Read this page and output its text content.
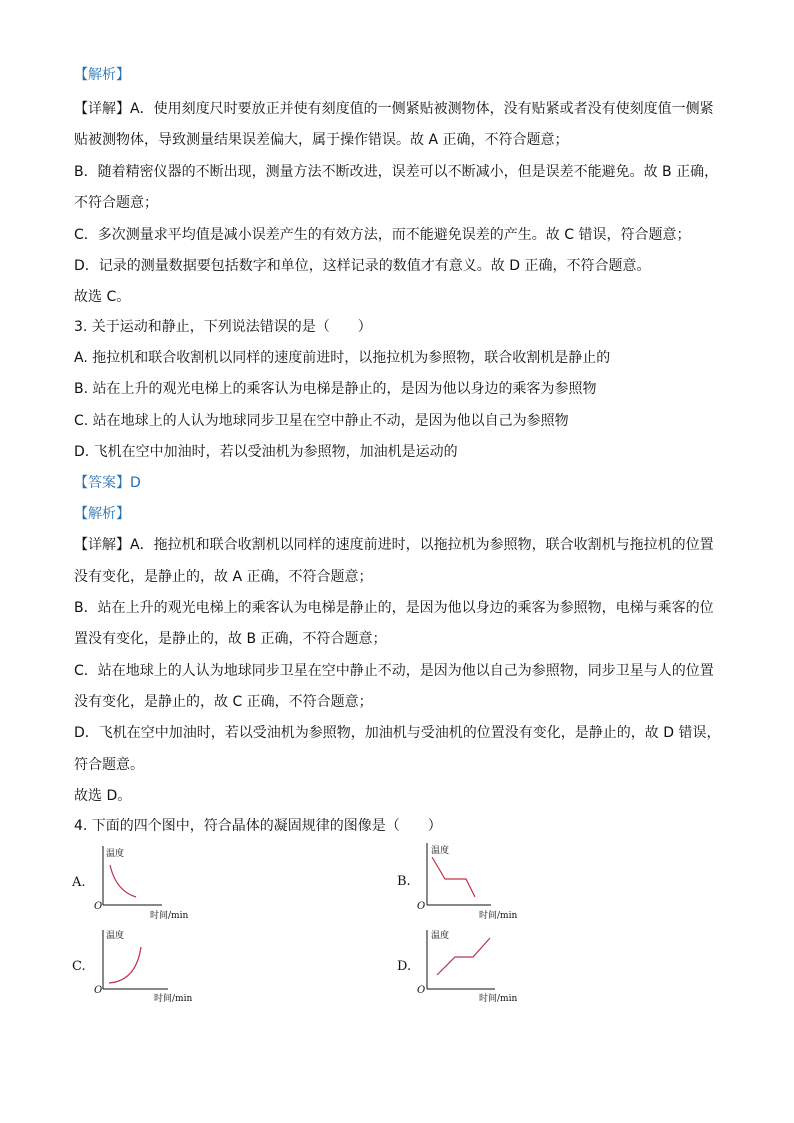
【解析】
【详解】A．使用刻度尺时要放正并使有刻度值的一侧紧贴被测物体，没有贴紧或者没有使刻度值一侧紧
贴被测物体，导致测量结果误差偏大，属于操作错误。故 A 正确，不符合题意；
B．随着精密仪器的不断出现，测量方法不断改进，误差可以不断减小，但是误差不能避免。故 B 正确，
不符合题意；
C．多次测量求平均值是减小误差产生的有效方法，而不能避免误差的产生。故 C 错误，符合题意；
D．记录的测量数据要包括数字和单位，这样记录的数值才有意义。故 D 正确，不符合题意。
故选 C。
3. 关于运动和静止，下列说法错误的是（　　）
A. 拖拉机和联合收割机以同样的速度前进时，以拖拉机为参照物，联合收割机是静止的
B. 站在上升的观光电梯上的乘客认为电梯是静止的，是因为他以身边的乘客为参照物
C. 站在地球上的人认为地球同步卫星在空中静止不动，是因为他以自己为参照物
D. 飞机在空中加油时，若以受油机为参照物，加油机是运动的
【答案】D
【解析】
【详解】A．拖拉机和联合收割机以同样的速度前进时，以拖拉机为参照物，联合收割机与拖拉机的位置
没有变化，是静止的，故 A 正确，不符合题意；
B．站在上升的观光电梯上的乘客认为电梯是静止的，是因为他以身边的乘客为参照物，电梯与乘客的位
置没有变化，是静止的，故 B 正确，不符合题意；
C．站在地球上的人认为地球同步卫星在空中静止不动，是因为他以自己为参照物，同步卫星与人的位置
没有变化，是静止的，故 C 正确，不符合题意；
D．飞机在空中加油时，若以受油机为参照物，加油机与受油机的位置没有变化，是静止的，故 D 错误，
符合题意。
故选 D。
4. 下面的四个图中，符合晶体的凝固规律的图像是（　　）
A.
温度
O
时间/min
B.
温度
O
时间/min
C.
温度
O
时间/min
D.
温度
O
时间/min
